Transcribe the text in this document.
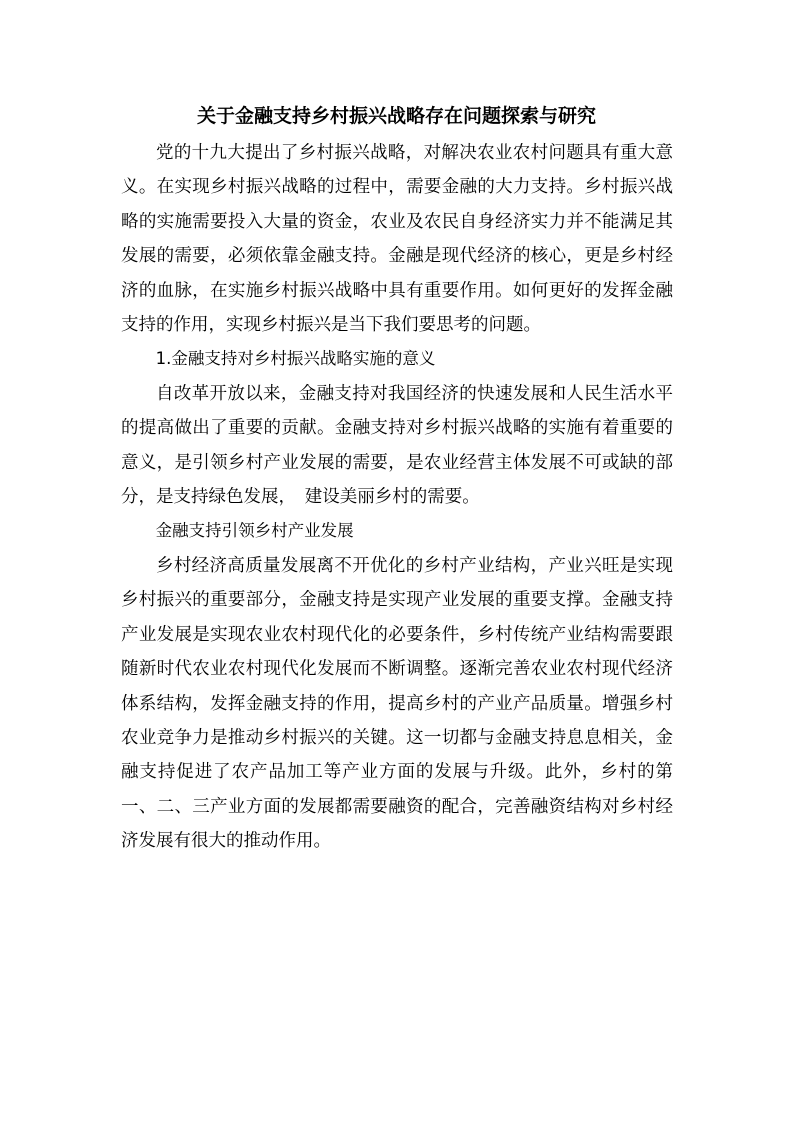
关于金融支持乡村振兴战略存在问题探索与研究

党的十九大提出了乡村振兴战略，对解决农业农村问题具有重大意义。在实现乡村振兴战略的过程中，需要金融的大力支持。乡村振兴战略的实施需要投入大量的资金，农业及农民自身经济实力并不能满足其发展的需要，必须依靠金融支持。金融是现代经济的核心，更是乡村经济的血脉，在实施乡村振兴战略中具有重要作用。如何更好的发挥金融支持的作用，实现乡村振兴是当下我们要思考的问题。

1.金融支持对乡村振兴战略实施的意义

自改革开放以来，金融支持对我国经济的快速发展和人民生活水平的提高做出了重要的贡献。金融支持对乡村振兴战略的实施有着重要的意义，是引领乡村产业发展的需要，是农业经营主体发展不可或缺的部分，是支持绿色发展，　建设美丽乡村的需要。

金融支持引领乡村产业发展

乡村经济高质量发展离不开优化的乡村产业结构，产业兴旺是实现乡村振兴的重要部分，金融支持是实现产业发展的重要支撑。金融支持产业发展是实现农业农村现代化的必要条件，乡村传统产业结构需要跟随新时代农业农村现代化发展而不断调整。逐渐完善农业农村现代经济体系结构，发挥金融支持的作用，提高乡村的产业产品质量。增强乡村农业竞争力是推动乡村振兴的关键。这一切都与金融支持息息相关，金融支持促进了农产品加工等产业方面的发展与升级。此外，乡村的第一、二、三产业方面的发展都需要融资的配合，完善融资结构对乡村经济发展有很大的推动作用。
